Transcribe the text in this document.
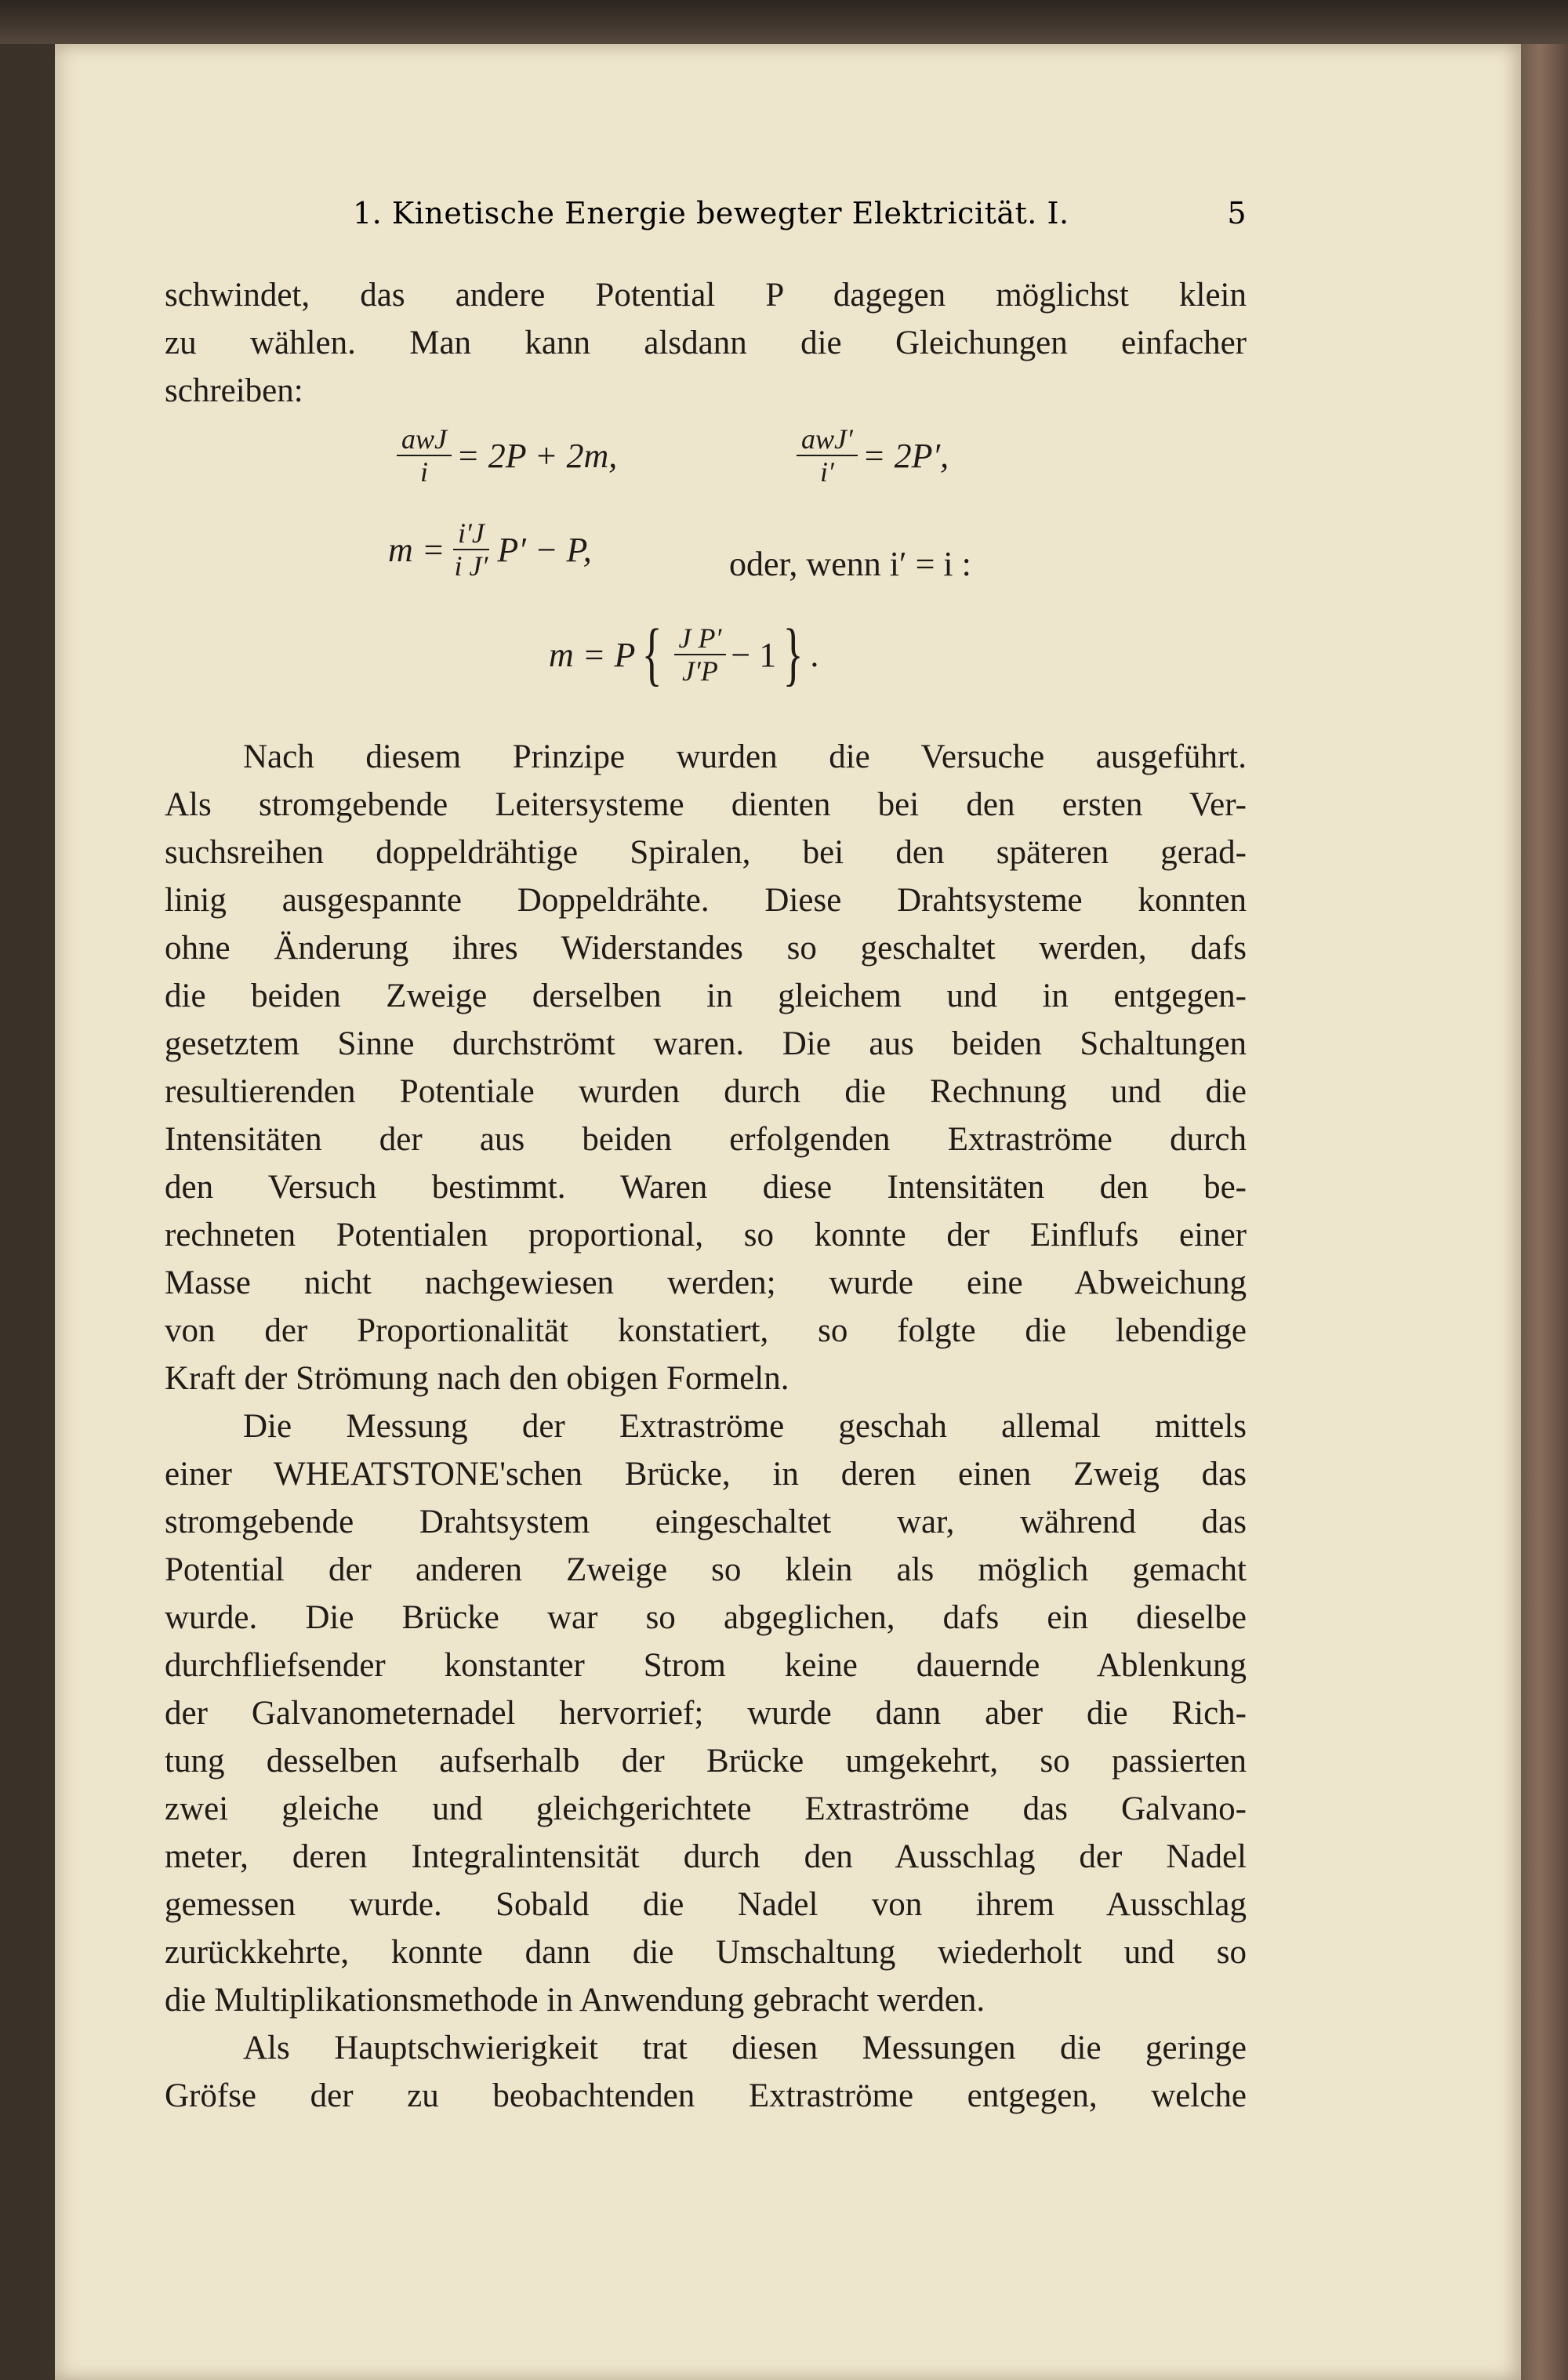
1. Kinetische Energie bewegter Elektricität. I.	5

schwindet, das andere Potential P dagegen möglichst klein

zu wählen. Man kann alsdann die Gleichungen einfacher

schreiben:

$\frac{\text{awJ}}{i} = 2P + 2m$,	$\frac{\text{awJ′}}{i'} = 2P'$,
$m = \frac{i'J}{\text{i J′}} P' - P$,	oder, wenn i′ = i :
m = P { $\frac{\text{J P′}}{J'P} - 1$ } .

Nach diesem Prinzipe wurden die Versuche ausgeführt.

Als stromgebende Leitersysteme dienten bei den ersten Ver-

suchsreihen doppeldrähtige Spiralen, bei den späteren gerad-

linig ausgespannte Doppeldrähte. Diese Drahtsysteme konnten

ohne Änderung ihres Widerstandes so geschaltet werden, dafs

die beiden Zweige derselben in gleichem und in entgegen-

gesetztem Sinne durchströmt waren. Die aus beiden Schaltungen

resultierenden Potentiale wurden durch die Rechnung und die

Intensitäten der aus beiden erfolgenden Extraströme durch

den Versuch bestimmt. Waren diese Intensitäten den be-

rechneten Potentialen proportional, so konnte der Einflufs einer

Masse nicht nachgewiesen werden; wurde eine Abweichung

von der Proportionalität konstatiert, so folgte die lebendige

Kraft der Strömung nach den obigen Formeln.

Die Messung der Extraströme geschah allemal mittels

einer WHEATSTONE'schen Brücke, in deren einen Zweig das

stromgebende Drahtsystem eingeschaltet war, während das

Potential der anderen Zweige so klein als möglich gemacht

wurde. Die Brücke war so abgeglichen, dafs ein dieselbe

durchfliefsender konstanter Strom keine dauernde Ablenkung

der Galvanometernadel hervorrief; wurde dann aber die Rich-

tung desselben aufserhalb der Brücke umgekehrt, so passierten

zwei gleiche und gleichgerichtete Extraströme das Galvano-

meter, deren Integralintensität durch den Ausschlag der Nadel

gemessen wurde. Sobald die Nadel von ihrem Ausschlag

zurückkehrte, konnte dann die Umschaltung wiederholt und so

die Multiplikationsmethode in Anwendung gebracht werden.

Als Hauptschwierigkeit trat diesen Messungen die geringe

Gröfse der zu beobachtenden Extraströme entgegen, welche
